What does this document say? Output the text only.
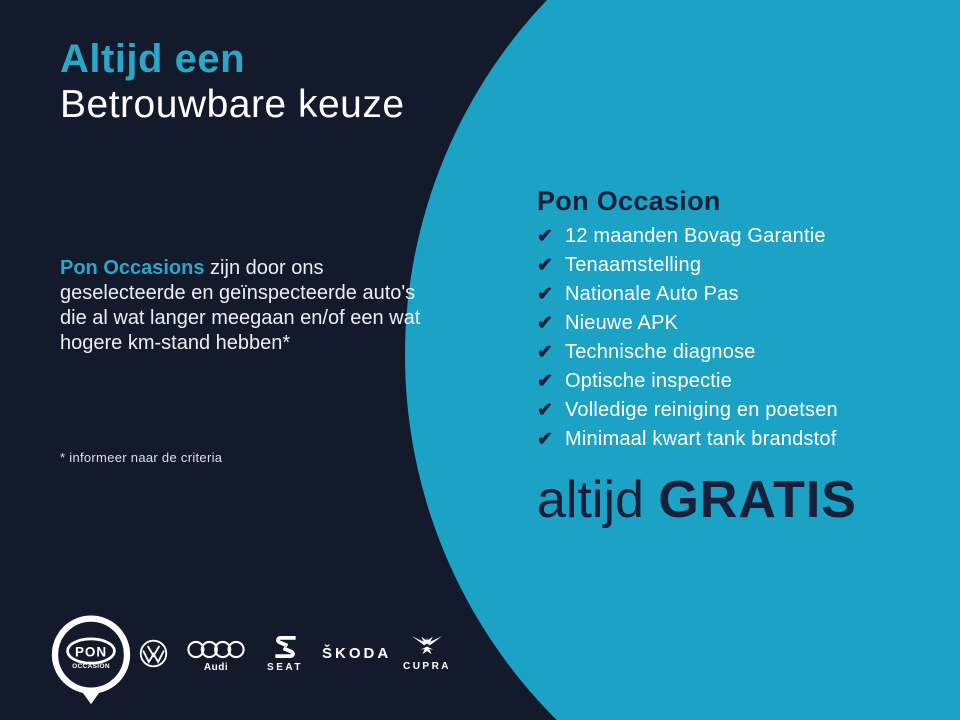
Altijd een
Betrouwbare keuze

Pon Occasions zijn door ons geselecteerde en geïnspecteerde auto's die al wat langer meegaan en/of een wat hogere km-stand hebben*

* informeer naar de criteria
Pon Occasion
✔ 12 maanden Bovag Garantie
✔ Tenaamstelling
✔ Nationale Auto Pas
✔ Nieuwe APK
✔ Technische diagnose
✔ Optische inspectie
✔ Volledige reiniging en poetsen
✔ Minimaal kwart tank brandstof
altijd GRATIS
PON
OCCASION	Audi	SEAT
ŠKODA
CUPRA
